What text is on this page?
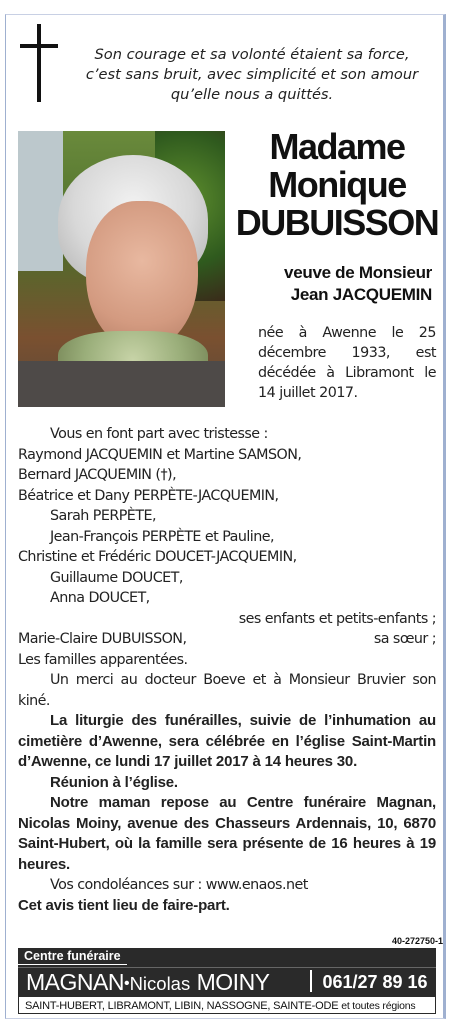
Son courage et sa volonté étaient sa force,
c’est sans bruit, avec simplicité et son amour
qu’elle nous a quittés.
Madame
Monique
DUBUISSON
veuve de Monsieur
Jean JACQUEMIN
née à Awenne le 25 décembre 1933, est décédée à Libramont le 14 juillet 2017.
Vous en font part avec tristesse :
Raymond JACQUEMIN et Martine SAMSON,
Bernard JACQUEMIN (†),
Béatrice et Dany PERPÈTE-JACQUEMIN,
Sarah PERPÈTE,
Jean-François PERPÈTE et Pauline,
Christine et Frédéric DOUCET-JACQUEMIN,
Guillaume DOUCET,
Anna DOUCET,
ses enfants et petits-enfants ;
Marie-Claire DUBUISSON,	sa sœur ;
Les familles apparentées.
Un merci au docteur Boeve et à Monsieur Bruvier son kiné.
La liturgie des funérailles, suivie de l’inhumation au cimetière d’Awenne, sera célébrée en l’église Saint-Martin d’Awenne, ce lundi 17 juillet 2017 à 14 heures 30.
Réunion à l’église.
Notre maman repose au Centre funéraire Magnan, Nicolas Moiny, avenue des Chasseurs Ardennais, 10, 6870 Saint-Hubert, où la famille sera présente de 16 heures à 19 heures.
Vos condoléances sur : www.enaos.net
Cet avis tient lieu de faire-part.
40-272750-1
Centre funéraire
MAGNAN•Nicolas MOINY	061/27 89 16
SAINT-HUBERT, LIBRAMONT, LIBIN, NASSOGNE, SAINTE-ODE et toutes régions
